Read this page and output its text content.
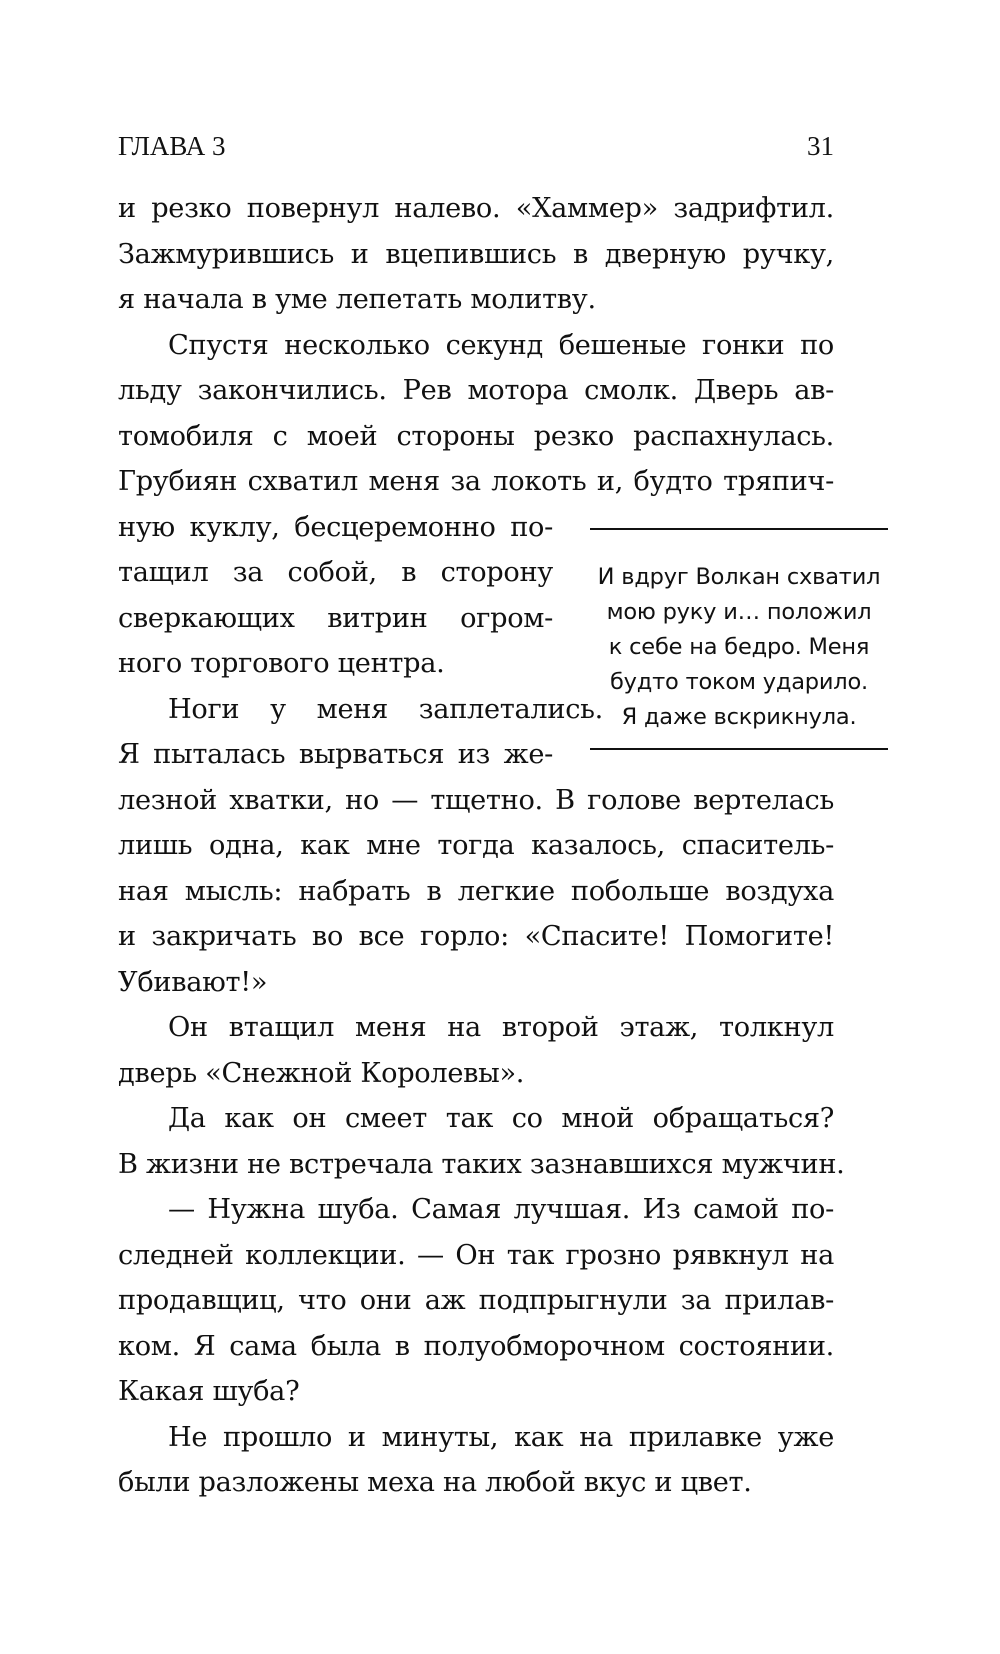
ГЛАВА 3	31
и резко повернул налево. «Хаммер» задрифтил.
Зажмурившись и вцепившись в дверную ручку,
я начала в уме лепетать молитву.
Спустя несколько секунд бешеные гонки по
льду закончились. Рев мотора смолк. Дверь ав-
томобиля с моей стороны резко распахнулась.
Грубиян схватил меня за локоть и, будто тряпич-
ную куклу, бесцеремонно по-
тащил за собой, в сторону
сверкающих витрин огром-
ного торгового центра.
Ноги у меня заплетались.
Я пыталась вырваться из же-
лезной хватки, но — тщетно. В голове вертелась
лишь одна, как мне тогда казалось, спаситель-
ная мысль: набрать в легкие побольше воздуха
и закричать во все горло: «Спасите! Помогите!
Убивают!»
Он втащил меня на второй этаж, толкнул
дверь «Снежной Королевы».
Да как он смеет так со мной обращаться?
В жизни не встречала таких зазнавшихся мужчин.
— Нужна шуба. Самая лучшая. Из самой по-
следней коллекции. — Он так грозно рявкнул на
продавщиц, что они аж подпрыгнули за прилав-
ком. Я сама была в полуобморочном состоянии.
Какая шуба?
Не прошло и минуты, как на прилавке уже
были разложены меха на любой вкус и цвет.
И вдруг Волкан схватил
мою руку и… положил
к себе на бедро. Меня
будто током ударило.
Я даже вскрикнула.
